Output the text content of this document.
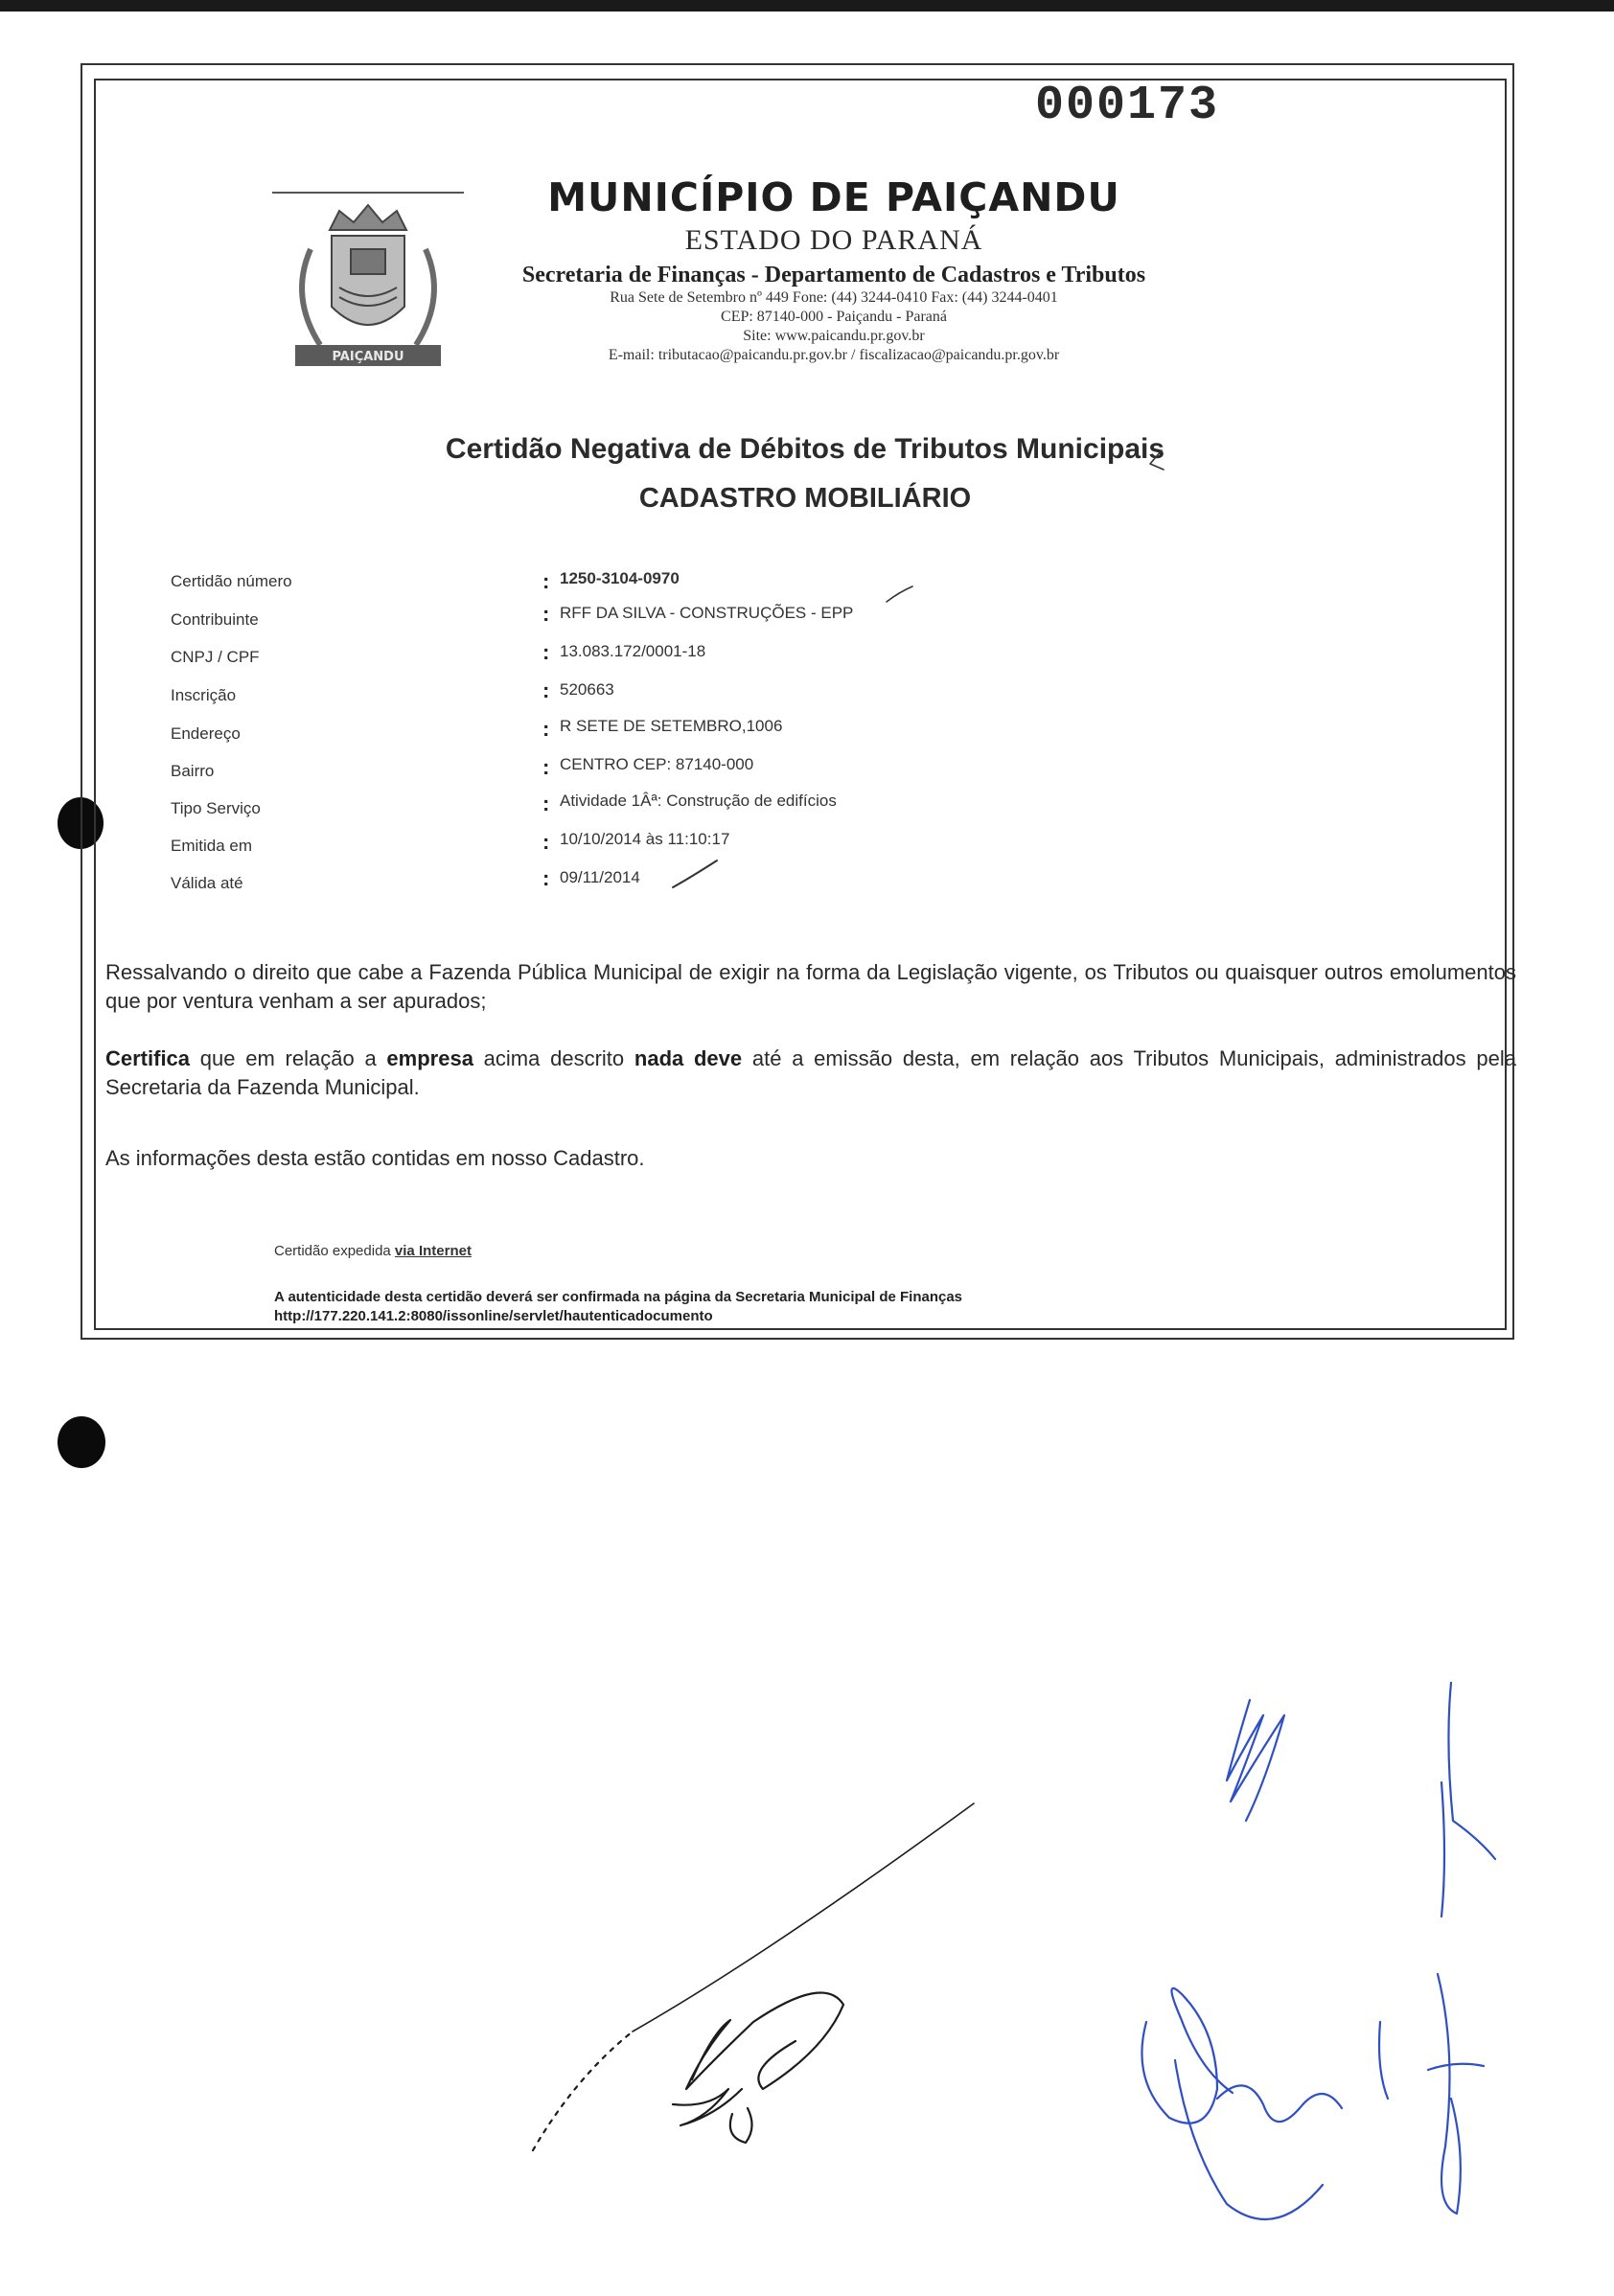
000173
PAIÇANDU
MUNICÍPIO DE PAIÇANDU
ESTADO DO PARANÁ
Secretaria de Finanças - Departamento de Cadastros e Tributos
Rua Sete de Setembro nº 449 Fone: (44) 3244-0410 Fax: (44) 3244-0401
CEP: 87140-000 - Paiçandu - Paraná
Site: www.paicandu.pr.gov.br
E-mail: tributacao@paicandu.pr.gov.br / fiscalizacao@paicandu.pr.gov.br
Certidão Negativa de Débitos de Tributos Municipais
CADASTRO MOBILIÁRIO
Certidão número
Contribuinte
CNPJ / CPF
Inscrição
Endereço
Bairro
Tipo Serviço
Emitida em
Válida até
:
:
:
:
:
:
:
:
:
1250-3104-0970
RFF DA SILVA - CONSTRUÇÕES - EPP
13.083.172/0001-18
520663
R SETE DE SETEMBRO,1006
CENTRO CEP: 87140-000
Atividade 1Âª: Construção de edifícios
10/10/2014 às 11:10:17
09/11/2014
Ressalvando o direito que cabe a Fazenda Pública Municipal de exigir na forma da Legislação vigente, os Tributos ou quaisquer outros emolumentos que por ventura venham a ser apurados;
Certifica que em relação a empresa acima descrito nada deve até a emissão desta, em relação aos Tributos Municipais, administrados pela Secretaria da Fazenda Municipal.
As informações desta estão contidas em nosso Cadastro.
Certidão expedida via Internet
A autenticidade desta certidão deverá ser confirmada na página da Secretaria Municipal de Finanças http://177.220.141.2:8080/issonline/servlet/hautenticadocumento
